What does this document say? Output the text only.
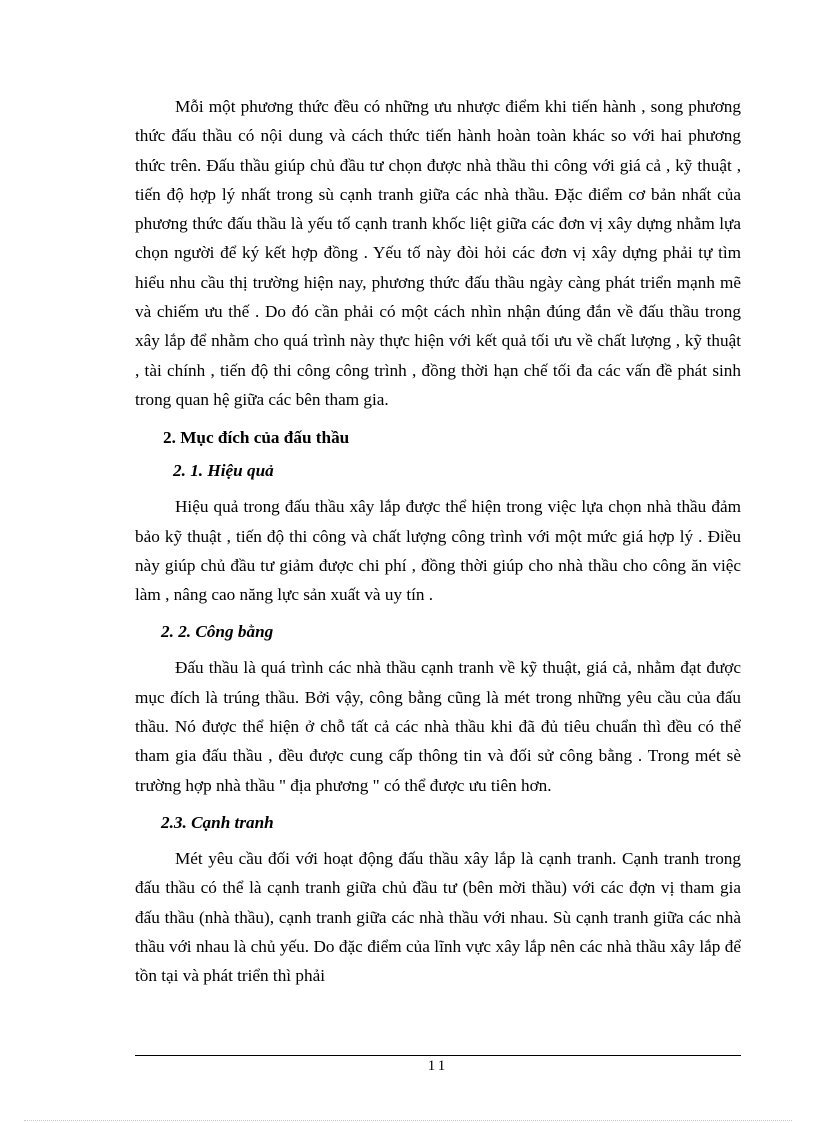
Mỗi một phương thức đều có những ưu nhược điểm khi tiến hành , song phương thức đấu thầu có nội dung và cách thức tiến hành hoàn toàn khác so với hai phương thức trên. Đấu thầu giúp chủ đầu tư chọn được nhà thầu thi công với giá cả , kỹ thuật , tiến độ hợp lý nhất trong sù cạnh tranh giữa các nhà thầu. Đặc điểm cơ bản nhất của phương thức đấu thầu là yếu tố cạnh tranh khốc liệt giữa các đơn vị xây dựng nhằm lựa chọn người để ký kết hợp đồng . Yếu tố này đòi hỏi các đơn vị xây dựng phải tự tìm hiểu nhu cầu thị trường hiện nay, phương thức đấu thầu ngày càng phát triển mạnh mẽ và chiếm ưu thế . Do đó cần phải có một cách nhìn nhận đúng đắn về đấu thầu trong xây lắp để nhằm cho quá trình này thực hiện với kết quả tối ưu về chất lượng , kỹ thuật , tài chính , tiến độ thi công công trình , đồng thời hạn chế tối đa các vấn đề phát sinh trong quan hệ giữa các bên tham gia.

2. Mục đích của đấu thầu
2. 1. Hiệu quả

Hiệu quả trong đấu thầu xây lắp được thể hiện trong việc lựa chọn nhà thầu đảm bảo kỹ thuật , tiến độ thi công và chất lượng công trình với một mức giá hợp lý . Điều này giúp chủ đầu tư giảm được chi phí , đồng thời giúp cho nhà thầu cho công ăn việc làm , nâng cao năng lực sản xuất và uy tín .

2. 2. Công bằng

Đấu thầu là quá trình các nhà thầu cạnh tranh về kỹ thuật, giá cả, nhằm đạt được mục đích là trúng thầu. Bởi vậy, công bằng cũng là mét trong những yêu cầu của đấu thầu. Nó được thể hiện ở chỗ tất cả các nhà thầu khi đã đủ tiêu chuẩn thì đều có thể tham gia đấu thầu , đều được cung cấp thông tin và đối sử công bằng . Trong mét sè trường hợp nhà thầu " địa phương " có thể được ưu tiên hơn.

2.3. Cạnh tranh

Mét yêu cầu đối với hoạt động đấu thầu xây lắp là cạnh tranh. Cạnh tranh trong đấu thầu có thể là cạnh tranh giữa chủ đầu tư (bên mời thầu) với các đợn vị tham gia đấu thầu (nhà thầu), cạnh tranh giữa các nhà thầu với nhau. Sù cạnh tranh giữa các nhà thầu với nhau là chủ yếu. Do đặc điểm của lĩnh vực xây lắp nên các nhà thầu xây lắp để tồn tại và phát triển thì phải

11
